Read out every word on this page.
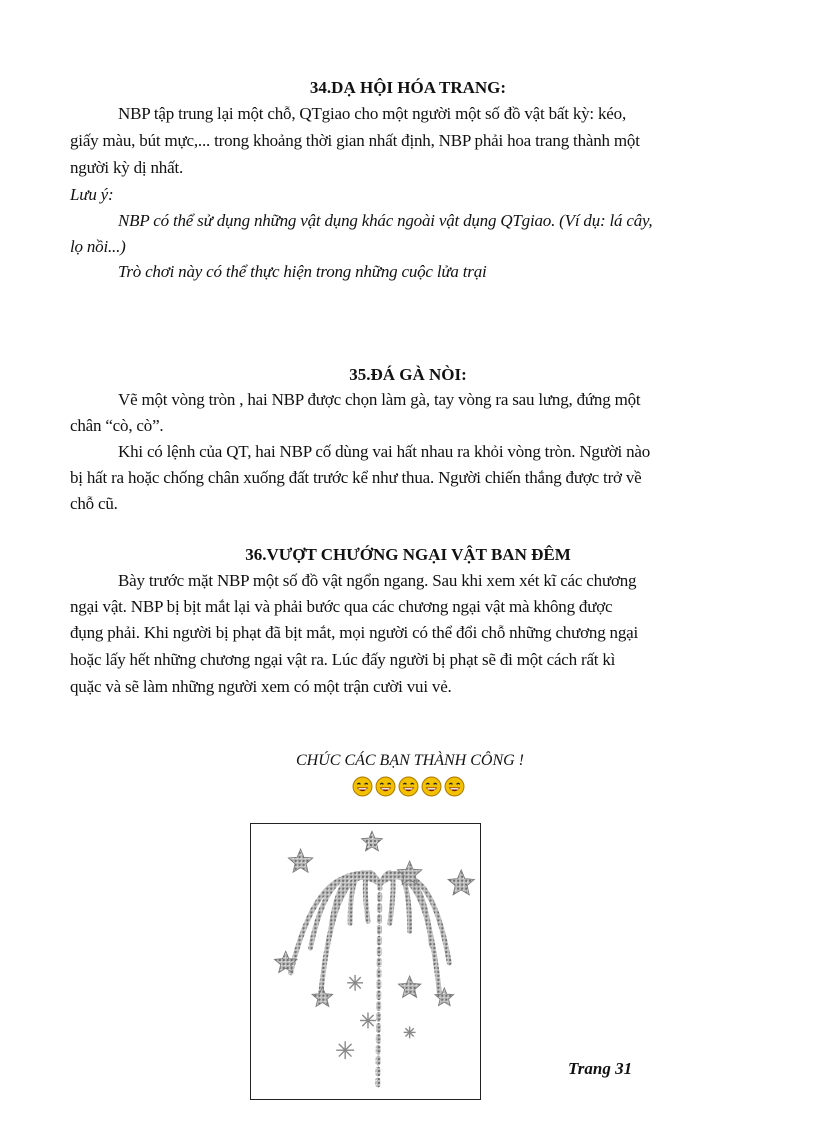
34.DẠ HỘI HÓA TRANG:
NBP tập trung lại một chỗ, QTgiao cho một người một số đồ vật bất kỳ: kéo,
giấy màu, bút mực,... trong khoảng thời gian nhất định, NBP phải hoa trang thành một
người kỳ dị nhất.
Lưu ý:
NBP có thể sử dụng những vật dụng khác ngoài vật dụng QTgiao. (Ví dụ: lá cây,
lọ nồi...)
Trò chơi này có thể thực hiện trong những cuộc lửa trại
35.ĐÁ GÀ NÒI:
Vẽ một vòng tròn , hai NBP được chọn làm gà, tay vòng ra sau lưng, đứng một
chân “cò, cò”.
Khi có lệnh của QT, hai NBP cố dùng vai hất nhau ra khỏi vòng tròn. Người nào
bị hất ra hoặc chống chân xuống đất trước kể như thua. Người chiến thắng được trở về
chỗ cũ.
36.VƯỢT CHƯỚNG NGẠI VẬT BAN ĐÊM
Bày trước mặt NBP một số đồ vật ngổn ngang. Sau khi xem xét kĩ các chương
ngại vật. NBP bị bịt mắt lại và phải bước qua các chương ngại vật mà không được
đụng phải. Khi người bị phạt đã bịt mắt, mọi người có thể đổi chỗ những chương ngại
hoặc lấy hết những chương ngại vật ra. Lúc đấy người bị phạt sẽ đi một cách rất kì
quặc và sẽ làm những người xem có một trận cười vui vẻ.
CHÚC CÁC BẠN THÀNH CÔNG !
Trang 31
